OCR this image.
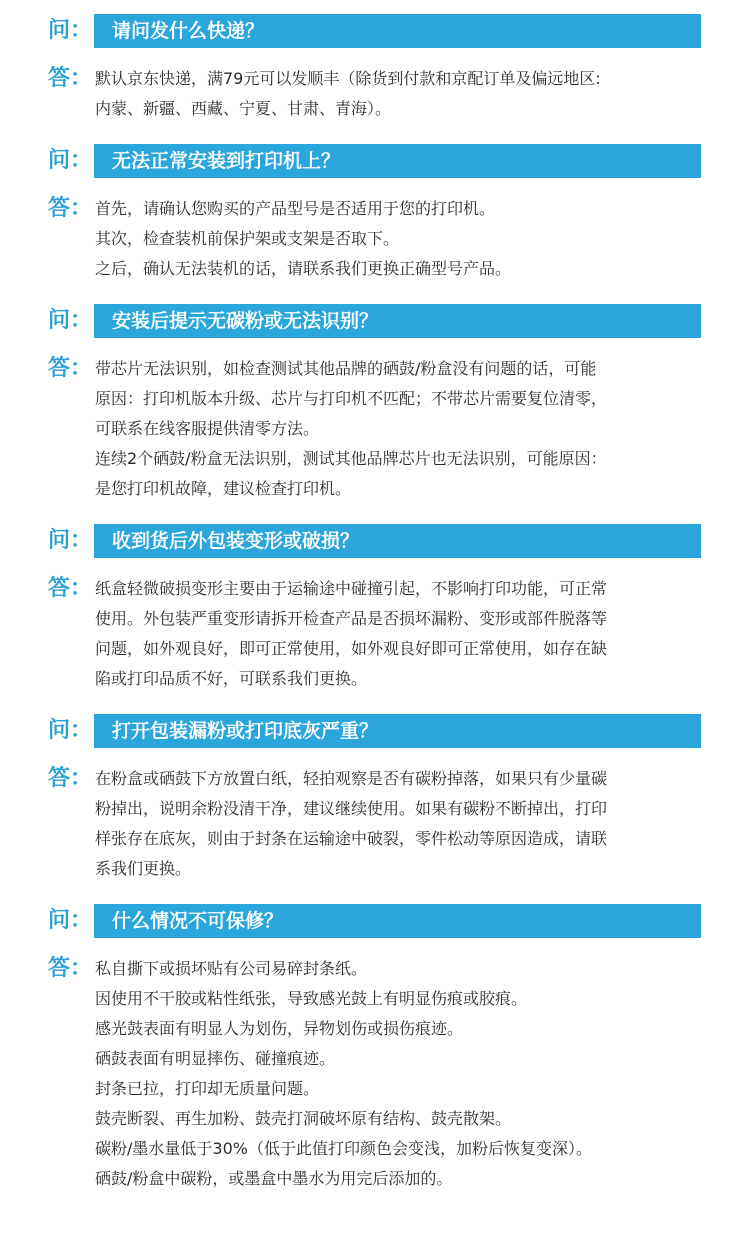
问：	请问发什么快递？
答： 默认京东快递，满79元可以发顺丰（除货到付款和京配订单及偏远地区:

内蒙、新疆、西藏、宁夏、甘肃、青海）。

问：	无法正常安装到打印机上？
答： 首先，请确认您购买的产品型号是否适用于您的打印机。

其次，检查装机前保护架或支架是否取下。

之后，确认无法装机的话，请联系我们更换正确型号产品。

问：	安装后提示无碳粉或无法识别？
答： 带芯片无法识别，如检查测试其他品牌的硒鼓/粉盒没有问题的话，可能

原因：打印机版本升级、芯片与打印机不匹配；不带芯片需要复位清零，

可联系在线客服提供清零方法。

连续2个硒鼓/粉盒无法识别，测试其他品牌芯片也无法识别，可能原因：

是您打印机故障，建议检查打印机。

问：	收到货后外包装变形或破损？
答： 纸盒轻微破损变形主要由于运输途中碰撞引起，不影响打印功能，可正常

使用。外包装严重变形请拆开检查产品是否损坏漏粉、变形或部件脱落等

问题，如外观良好，即可正常使用，如外观良好即可正常使用，如存在缺

陷或打印品质不好，可联系我们更换。

问：	打开包装漏粉或打印底灰严重？
答： 在粉盒或硒鼓下方放置白纸，轻拍观察是否有碳粉掉落，如果只有少量碳

粉掉出，说明余粉没清干净，建议继续使用。如果有碳粉不断掉出，打印

样张存在底灰，则由于封条在运输途中破裂，零件松动等原因造成，请联

系我们更换。

问：	什么情况不可保修？
答： 私自撕下或损坏贴有公司易碎封条纸。

因使用不干胶或粘性纸张，导致感光鼓上有明显伤痕或胶痕。

感光鼓表面有明显人为划伤，异物划伤或损伤痕迹。

硒鼓表面有明显摔伤、碰撞痕迹。

封条已拉，打印却无质量问题。

鼓壳断裂、再生加粉、鼓壳打洞破坏原有结构、鼓壳散架。

碳粉/墨水量低于30%（低于此值打印颜色会变浅，加粉后恢复变深）。

硒鼓/粉盒中碳粉，或墨盒中墨水为用完后添加的。
